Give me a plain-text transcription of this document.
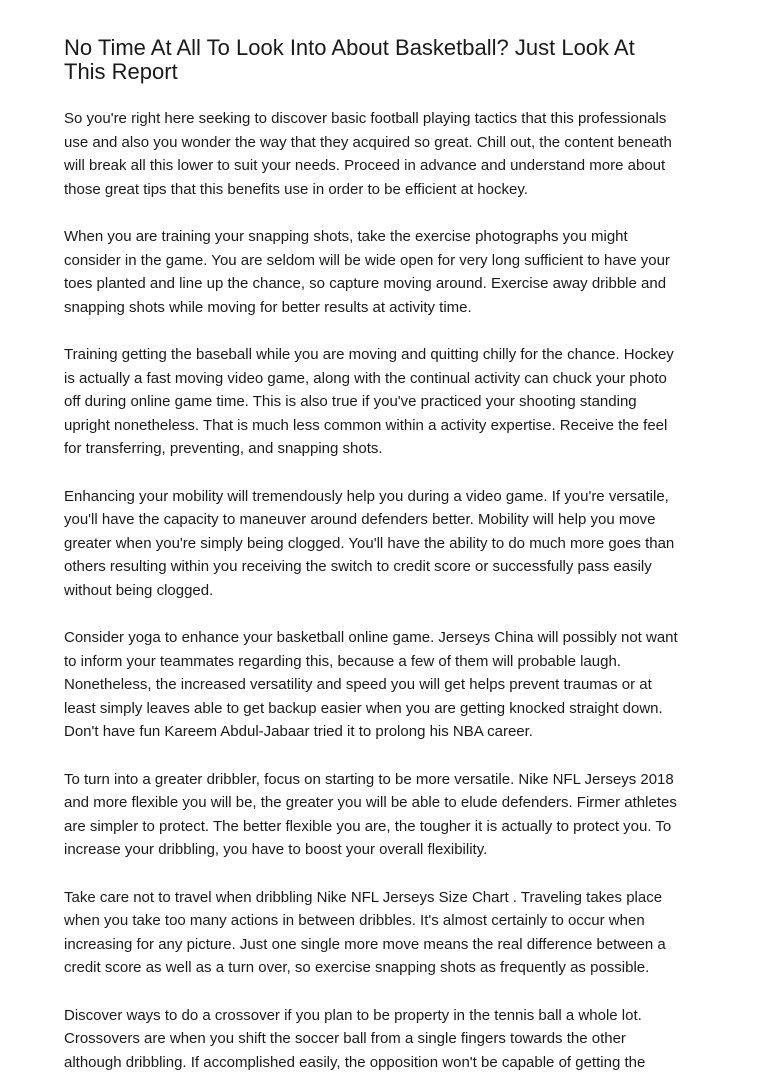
No Time At All To Look Into About Basketball? Just Look At
This Report

So you're right here seeking to discover basic football playing tactics that this professionals
use and also you wonder the way that they acquired so great. Chill out, the content beneath
will break all this lower to suit your needs. Proceed in advance and understand more about
those great tips that this benefits use in order to be efficient at hockey.

When you are training your snapping shots, take the exercise photographs you might
consider in the game. You are seldom will be wide open for very long sufficient to have your
toes planted and line up the chance, so capture moving around. Exercise away dribble and
snapping shots while moving for better results at activity time.

Training getting the baseball while you are moving and quitting chilly for the chance. Hockey
is actually a fast moving video game, along with the continual activity can chuck your photo
off during online game time. This is also true if you've practiced your shooting standing
upright nonetheless. That is much less common within a activity expertise. Receive the feel
for transferring, preventing, and snapping shots.

Enhancing your mobility will tremendously help you during a video game. If you're versatile,
you'll have the capacity to maneuver around defenders better. Mobility will help you move
greater when you're simply being clogged. You'll have the ability to do much more goes than
others resulting within you receiving the switch to credit score or successfully pass easily
without being clogged.

Consider yoga to enhance your basketball online game. Jerseys China will possibly not want
to inform your teammates regarding this, because a few of them will probable laugh.
Nonetheless, the increased versatility and speed you will get helps prevent traumas or at
least simply leaves able to get backup easier when you are getting knocked straight down.
Don't have fun Kareem Abdul-Jabaar tried it to prolong his NBA career.

To turn into a greater dribbler, focus on starting to be more versatile. Nike NFL Jerseys 2018
and more flexible you will be, the greater you will be able to elude defenders. Firmer athletes
are simpler to protect. The better flexible you are, the tougher it is actually to protect you. To
increase your dribbling, you have to boost your overall flexibility.

Take care not to travel when dribbling Nike NFL Jerseys Size Chart . Traveling takes place
when you take too many actions in between dribbles. It's almost certainly to occur when
increasing for any picture. Just one single more move means the real difference between a
credit score as well as a turn over, so exercise snapping shots as frequently as possible.

Discover ways to do a crossover if you plan to be property in the tennis ball a whole lot.
Crossovers are when you shift the soccer ball from a single fingers towards the other
although dribbling. If accomplished easily, the opposition won't be capable of getting the
